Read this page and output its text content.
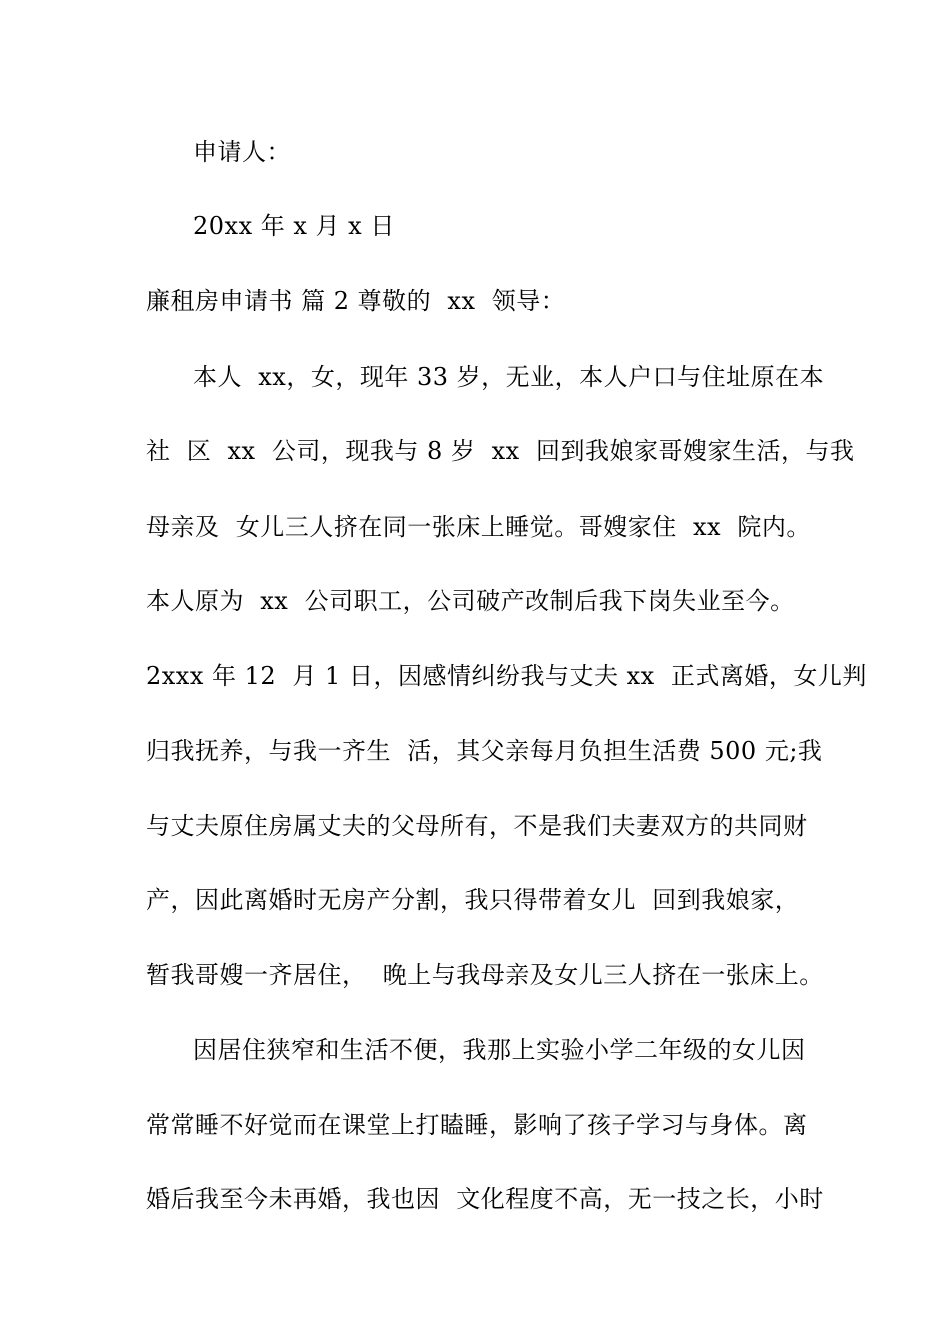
申请人：
20xx 年 x 月 x 日
廉租房申请书 篇 2 尊敬的  xx  领导：
本人  xx，女，现年 33 岁，无业，本人户口与住址原在本
社  区  xx  公司，现我与 8 岁  xx  回到我娘家哥嫂家生活，与我
母亲及  女儿三人挤在同一张床上睡觉。哥嫂家住  xx  院内。
本人原为  xx  公司职工，公司破产改制后我下岗失业至今。
2xxx 年 12  月 1 日，因感情纠纷我与丈夫 xx  正式离婚，女儿判
归我抚养，与我一齐生  活，其父亲每月负担生活费 500 元;我
与丈夫原住房属丈夫的父母所有，不是我们夫妻双方的共同财
产，因此离婚时无房产分割，我只得带着女儿  回到我娘家，
暂我哥嫂一齐居住，  晚上与我母亲及女儿三人挤在一张床上。
因居住狭窄和生活不便，我那上实验小学二年级的女儿因
常常睡不好觉而在课堂上打瞌睡，影响了孩子学习与身体。离
婚后我至今未再婚，我也因  文化程度不高，无一技之长，小时
